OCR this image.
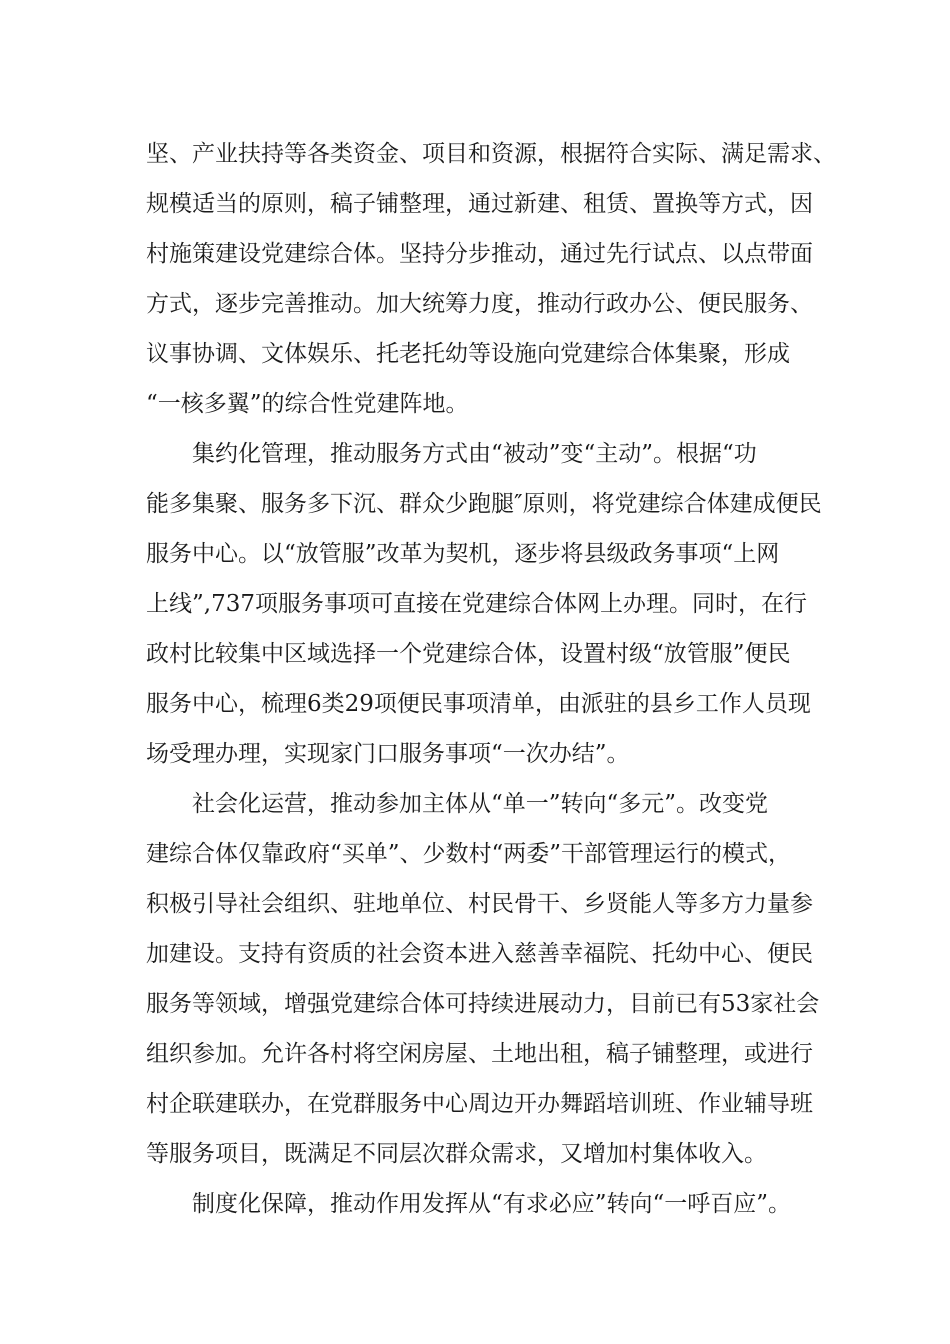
坚、产业扶持等各类资金、项目和资源，根据符合实际、满足需求、
规模适当的原则，稿子铺整理，通过新建、租赁、置换等方式，因
村施策建设党建综合体。坚持分步推动，通过先行试点、以点带面
方式，逐步完善推动。加大统筹力度，推动行政办公、便民服务、
议事协调、文体娱乐、托老托幼等设施向党建综合体集聚，形成
“一核多翼”的综合性党建阵地。
集约化管理，推动服务方式由“被动”变“主动”。根据“功
能多集聚、服务多下沉、群众少跑腿″原则，将党建综合体建成便民
服务中心。以“放管服”改革为契机，逐步将县级政务事项“上网
上线”,737项服务事项可直接在党建综合体网上办理。同时，在行
政村比较集中区域选择一个党建综合体，设置村级“放管服”便民
服务中心，梳理6类29项便民事项清单，由派驻的县乡工作人员现
场受理办理，实现家门口服务事项“一次办结”。
社会化运营，推动参加主体从“单一”转向“多元”。改变党
建综合体仅靠政府“买单”、少数村“两委”干部管理运行的模式，
积极引导社会组织、驻地单位、村民骨干、乡贤能人等多方力量参
加建设。支持有资质的社会资本进入慈善幸福院、托幼中心、便民
服务等领域，增强党建综合体可持续进展动力，目前已有53家社会
组织参加。允许各村将空闲房屋、土地出租，稿子铺整理，或进行
村企联建联办，在党群服务中心周边开办舞蹈培训班、作业辅导班
等服务项目，既满足不同层次群众需求，又增加村集体收入。
制度化保障，推动作用发挥从“有求必应”转向“一呼百应”。
